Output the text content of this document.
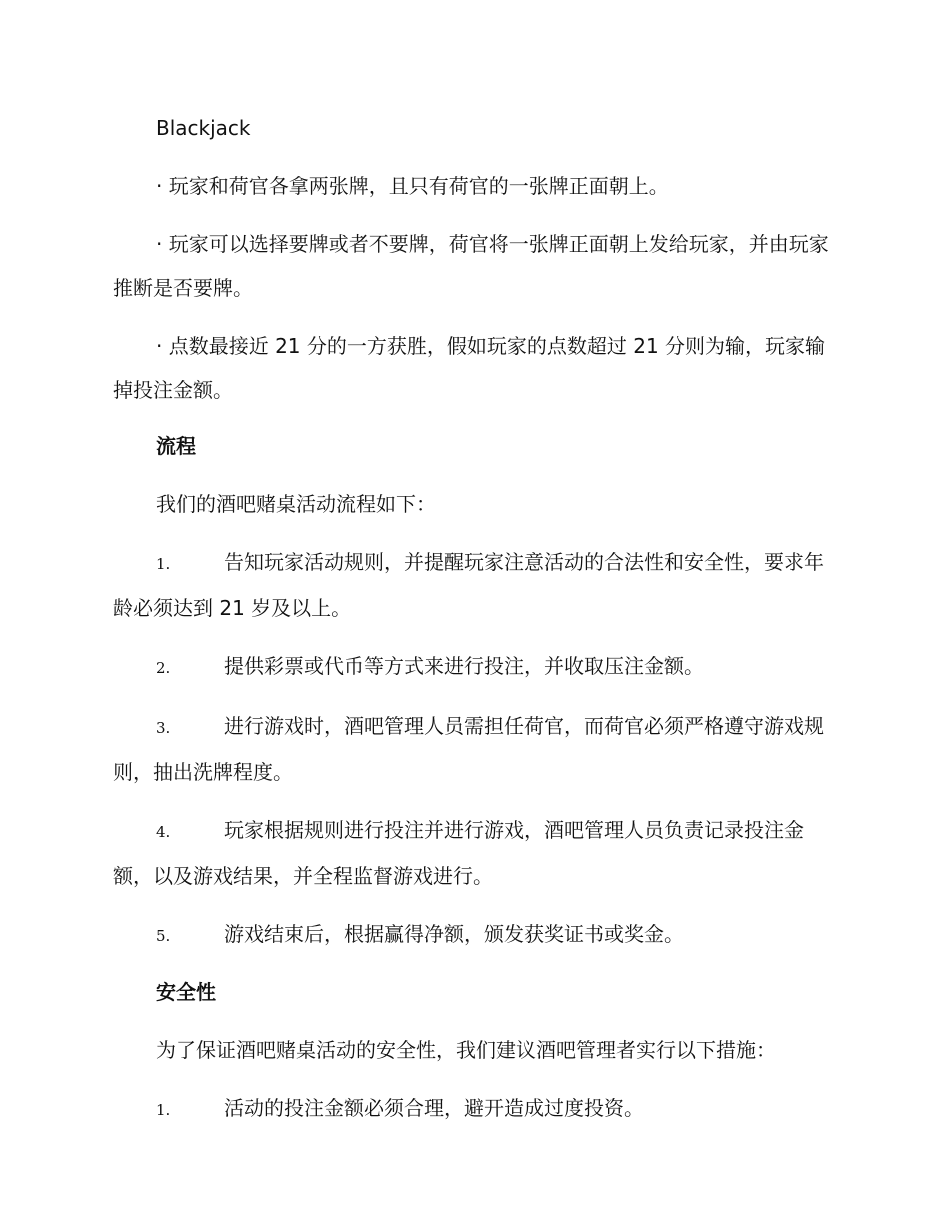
Blackjack

· 玩家和荷官各拿两张牌，且只有荷官的一张牌正面朝上。

· 玩家可以选择要牌或者不要牌，荷官将一张牌正面朝上发给玩家，并由玩家推断是否要牌。

· 点数最接近 21 分的一方获胜，假如玩家的点数超过 21 分则为输，玩家输掉投注金额。

流程

我们的酒吧赌桌活动流程如下：

1.	告知玩家活动规则，并提醒玩家注意活动的合法性和安全性，要求年龄必须达到 21 岁及以上。

2.	提供彩票或代币等方式来进行投注，并收取压注金额。

3.	进行游戏时，酒吧管理人员需担任荷官，而荷官必须严格遵守游戏规则，抽出洗牌程度。

4.	玩家根据规则进行投注并进行游戏，酒吧管理人员负责记录投注金额，以及游戏结果，并全程监督游戏进行。

5.	游戏结束后，根据赢得净额，颁发获奖证书或奖金。

安全性

为了保证酒吧赌桌活动的安全性，我们建议酒吧管理者实行以下措施：

1.	活动的投注金额必须合理，避开造成过度投资。
